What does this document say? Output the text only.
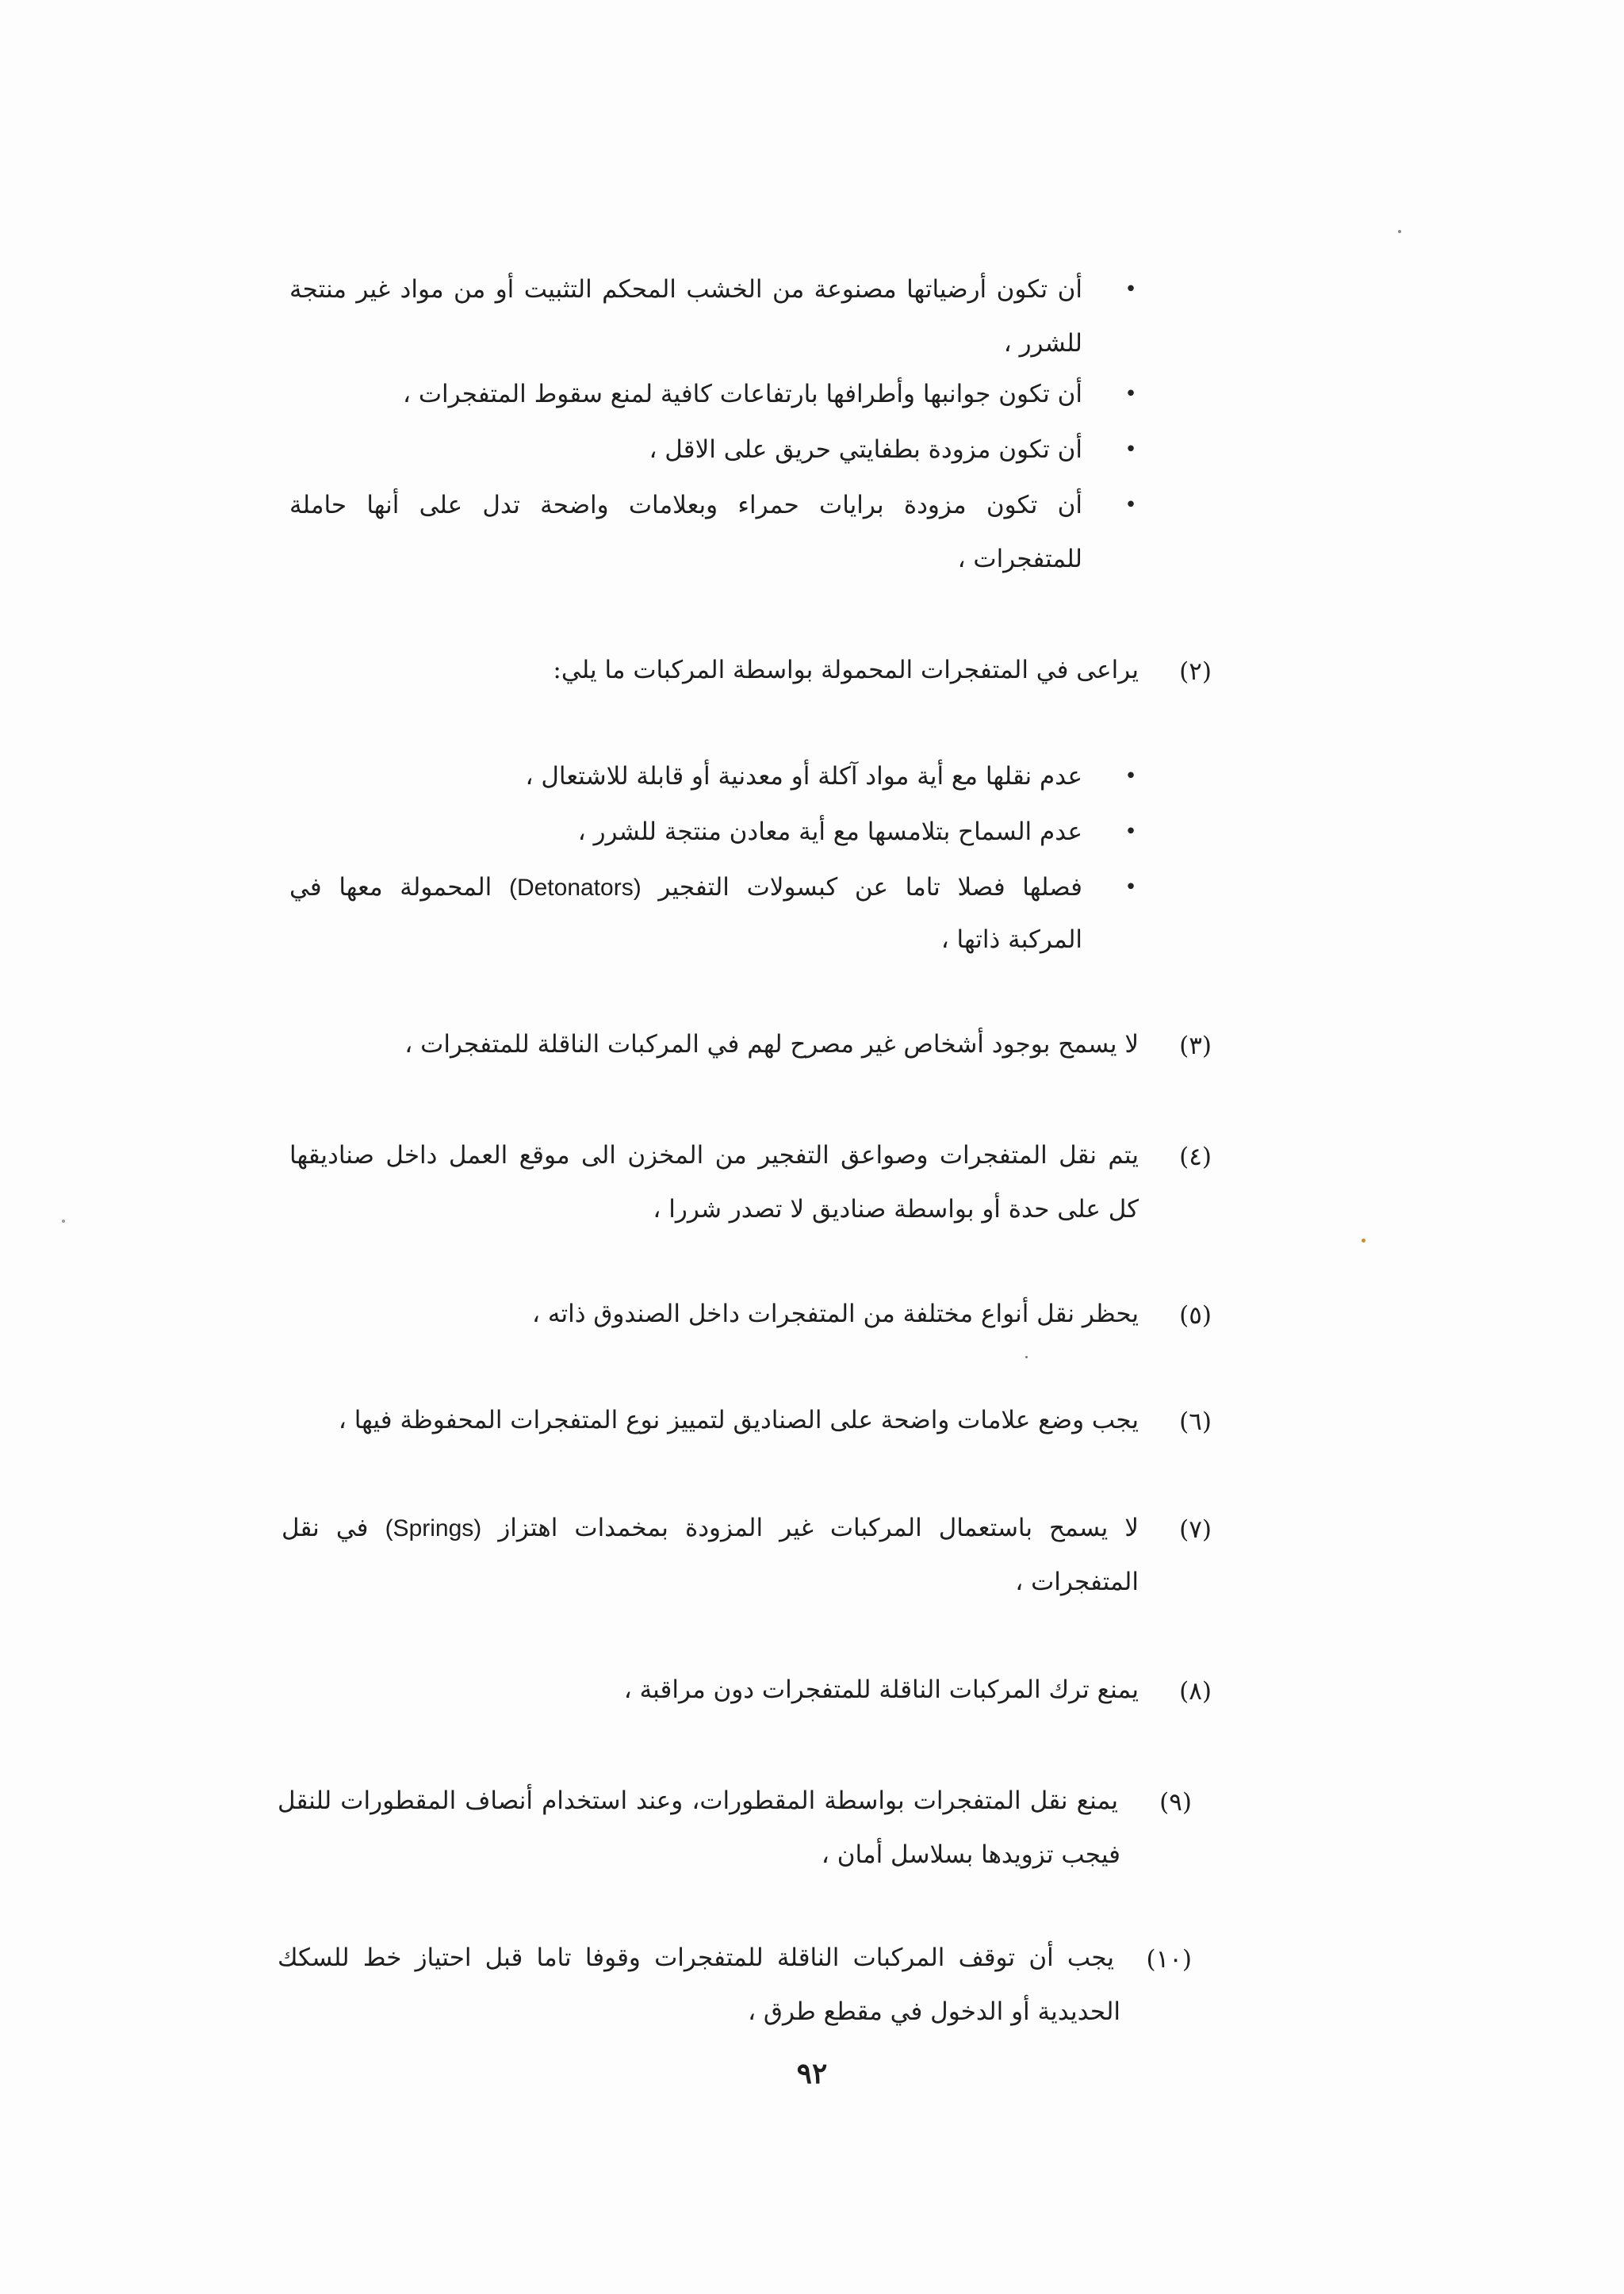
•
أن تكون أرضياتها مصنوعة من الخشب المحكم التثبيت أو من مواد غير منتجة
للشرر ،
•
أن تكون جوانبها وأطرافها بارتفاعات كافية لمنع سقوط المتفجرات ،
•
أن تكون مزودة بطفايتي حريق على الاقل ،
•
أن تكون مزودة برايات حمراء وبعلامات واضحة تدل على أنها حاملة
للمتفجرات ،
(٢)
يراعى في المتفجرات المحمولة بواسطة المركبات ما يلي:
•
عدم نقلها مع أية مواد آكلة أو معدنية أو قابلة للاشتعال ،
•
عدم السماح بتلامسها مع أية معادن منتجة للشرر ،
•
فصلها فصلا تاما عن كبسولات التفجير (Detonators) المحمولة معها في
المركبة ذاتها ،
(٣)
لا يسمح بوجود أشخاص غير مصرح لهم في المركبات الناقلة للمتفجرات ،
(٤)
يتم نقل المتفجرات وصواعق التفجير من المخزن الى موقع العمل داخل صناديقها
كل على حدة أو بواسطة صناديق لا تصدر شررا ،
(٥)
يحظر نقل أنواع مختلفة من المتفجرات داخل الصندوق ذاته ،
(٦)
يجب وضع علامات واضحة على الصناديق لتمييز نوع المتفجرات المحفوظة فيها ،
(٧)
لا يسمح باستعمال المركبات غير المزودة بمخمدات اهتزاز (Springs) في نقل
المتفجرات ،
(٨)
يمنع ترك المركبات الناقلة للمتفجرات دون مراقبة ،
(٩)
يمنع نقل المتفجرات بواسطة المقطورات، وعند استخدام أنصاف المقطورات للنقل
فيجب تزويدها بسلاسل أمان ،
(١٠)
يجب أن توقف المركبات الناقلة للمتفجرات وقوفا تاما قبل احتياز خط للسكك
الحديدية أو الدخول في مقطع طرق ،
٩٢
